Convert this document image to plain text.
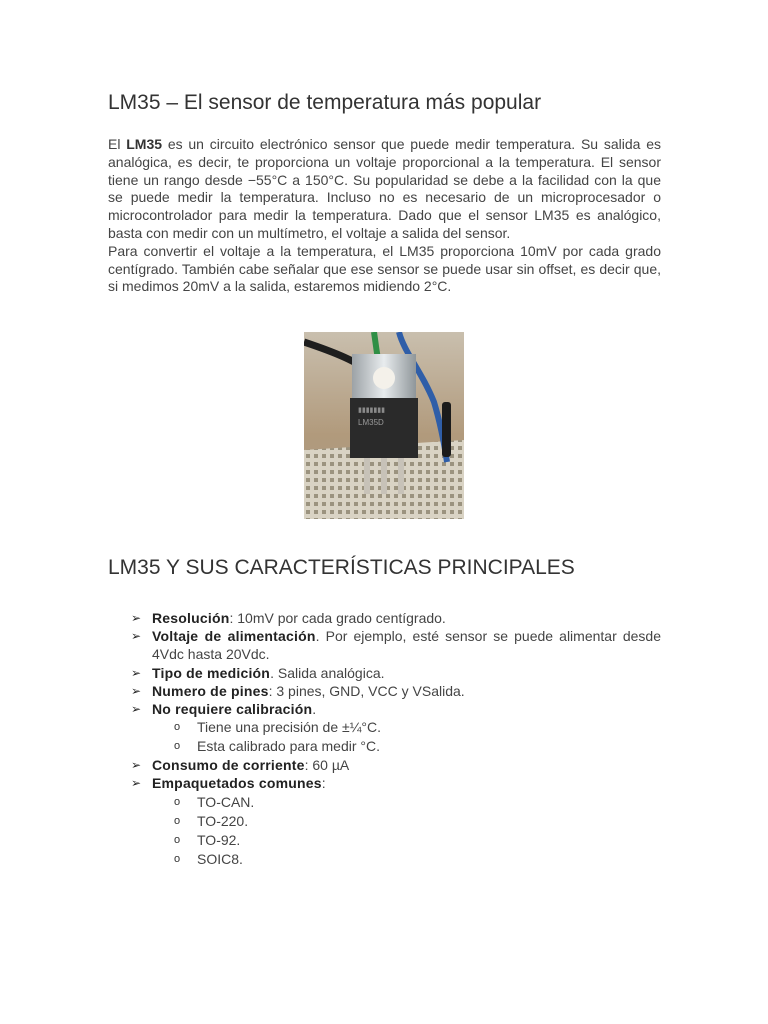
LM35 – El sensor de temperatura más popular

El LM35 es un circuito electrónico sensor que puede medir temperatura. Su salida es analógica, es decir, te proporciona un voltaje proporcional a la temperatura. El sensor tiene un rango desde −55°C a 150°C. Su popularidad se debe a la facilidad con la que se puede medir la temperatura. Incluso no es necesario de un microprocesador o microcontrolador para medir la temperatura. Dado que el sensor LM35 es analógico, basta con medir con un multímetro, el voltaje a salida del sensor.

Para convertir el voltaje a la temperatura, el LM35 proporciona 10mV por cada grado centígrado. También cabe señalar que ese sensor se puede usar sin offset, es decir que, si medimos 20mV a la salida, estaremos midiendo 2°C.

▮▮▮▮▮▮▮
LM35D
LM35 Y SUS CARACTERÍSTICAS PRINCIPALES
➢ Resolución: 10mV por cada grado centígrado.
➢ Voltaje de alimentación. Por ejemplo, esté sensor se puede alimentar desde 4Vdc hasta 20Vdc.
➢ Tipo de medición. Salida analógica.
➢ Numero de pines: 3 pines, GND, VCC y VSalida.
➢ No requiere calibración.
o Tiene una precisión de ±¼°C.
o Esta calibrado para medir °C.
➢ Consumo de corriente: 60 µA
➢ Empaquetados comunes:
o TO-CAN.
o TO-220.
o TO-92.
o SOIC8.
